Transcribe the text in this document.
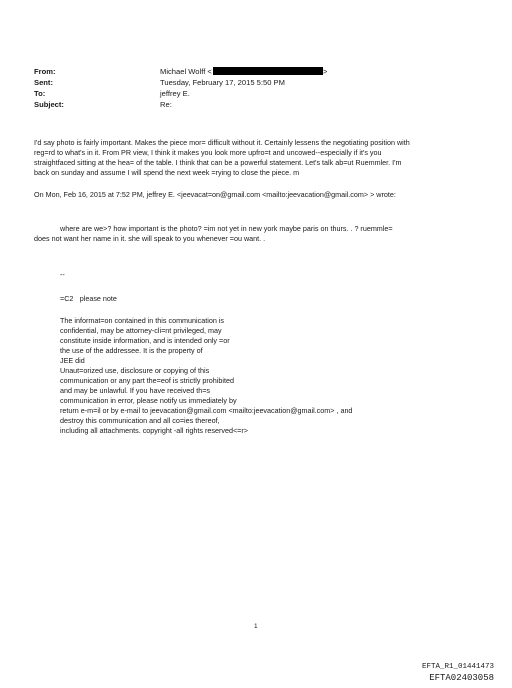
From:	Michael Wolff <	>
Sent:	Tuesday, February 17, 2015 5:50 PM
To:	jeffrey E.
Subject:	Re:
I'd say photo is fairly important. Makes the piece mor= difficult without it. Certainly lessens the negotiating position with
reg=rd to what's in it. From PR view, I think it makes you look more upfro=t and uncowed--especially if it's you
straightfaced sitting at the hea= of the table. I think that can be a powerful statement. Let's talk ab=ut Ruemmler. I'm
back on sunday and assume I will spend the next week =rying to close the piece. m
On Mon, Feb 16, 2015 at 7:52 PM, jeffrey E. <jeevacat=on@gmail.com <mailto:jeevacation@gmail.com> > wrote:
where are we>? how important is the photo? =im not yet in new york maybe paris on thurs. . ? ruemmle=
does not want her name in it. she will speak to you whenever =ou want. .
--
=C2 please note
The informat=on contained in this communication is
confidential, may be attorney-cli=nt privileged, may
constitute inside information, and is intended only =or
the use of the addressee. It is the property of
JEE did
Unaut=orized use, disclosure or copying of this
communication or any part the=eof is strictly prohibited
and may be unlawful. If you have received th=s
communication in error, please notify us immediately by
return e-m=il or by e-mail to jeevacation@gmail.com <mailto:jeevacation@gmail.com> , and
destroy this communication and all co=ies thereof,
including all attachments. copyright -all rights reserved<=r>
1
EFTA_R1_01441473
EFTA02403058
